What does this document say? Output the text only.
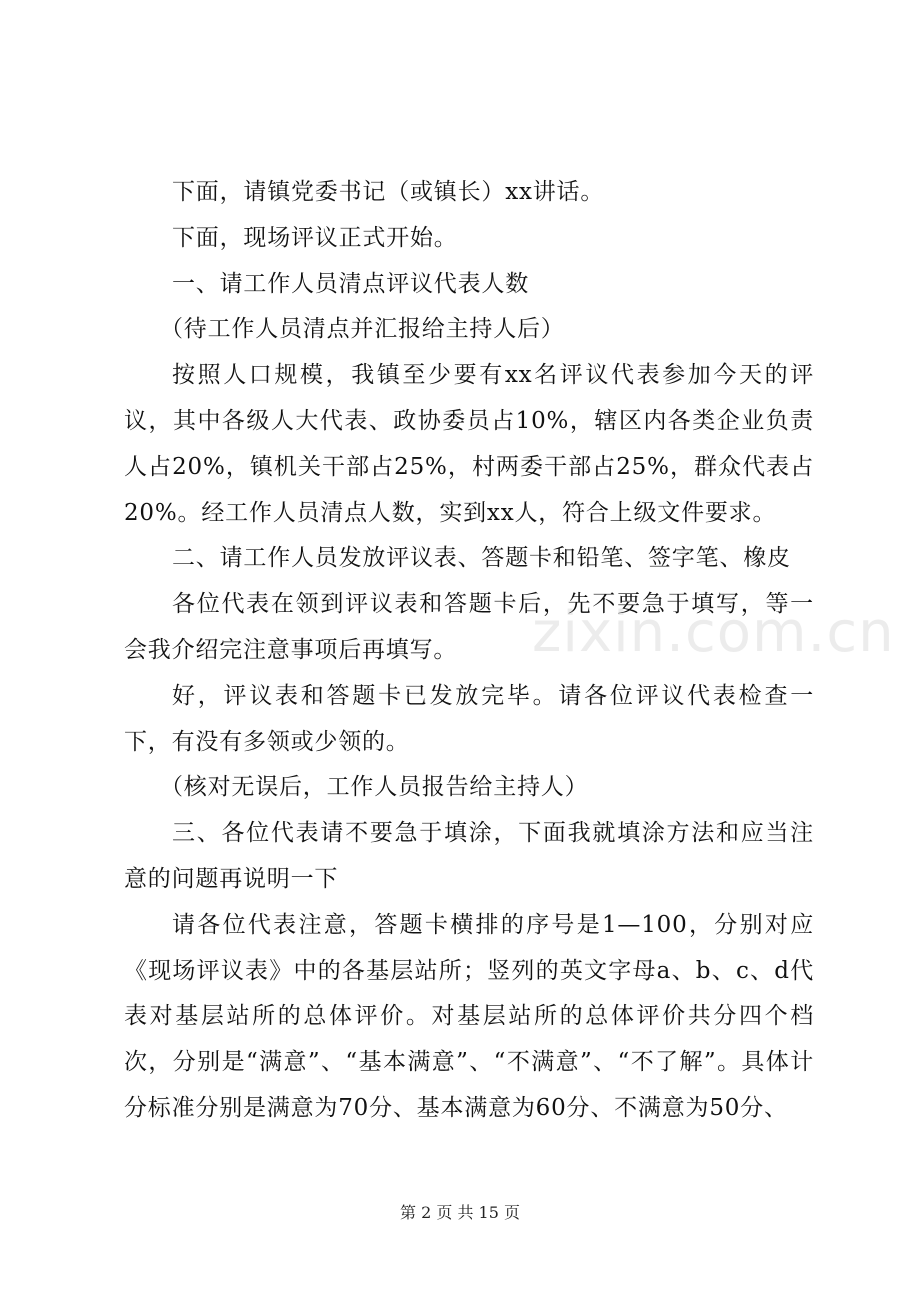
下面，请镇党委书记（或镇长）xx讲话。

下面，现场评议正式开始。

一、请工作人员清点评议代表人数

（待工作人员清点并汇报给主持人后）

按照人口规模，我镇至少要有xx名评议代表参加今天的评议，其中各级人大代表、政协委员占10%，辖区内各类企业负责人占20%，镇机关干部占25%，村两委干部占25%，群众代表占20%。经工作人员清点人数，实到xx人，符合上级文件要求。

二、请工作人员发放评议表、答题卡和铅笔、签字笔、橡皮

各位代表在领到评议表和答题卡后，先不要急于填写，等一会我介绍完注意事项后再填写。

好，评议表和答题卡已发放完毕。请各位评议代表检查一下，有没有多领或少领的。

（核对无误后，工作人员报告给主持人）

三、各位代表请不要急于填涂，下面我就填涂方法和应当注意的问题再说明一下

请各位代表注意，答题卡横排的序号是1—100，分别对应《现场评议表》中的各基层站所；竖列的英文字母a、b、c、d代表对基层站所的总体评价。对基层站所的总体评价共分四个档次，分别是“满意”、“基本满意”、“不满意”、“不了解”。具体计分标准分别是满意为70分、基本满意为60分、不满意为50分、

zixin.com.cn
第 2 页 共 15 页
